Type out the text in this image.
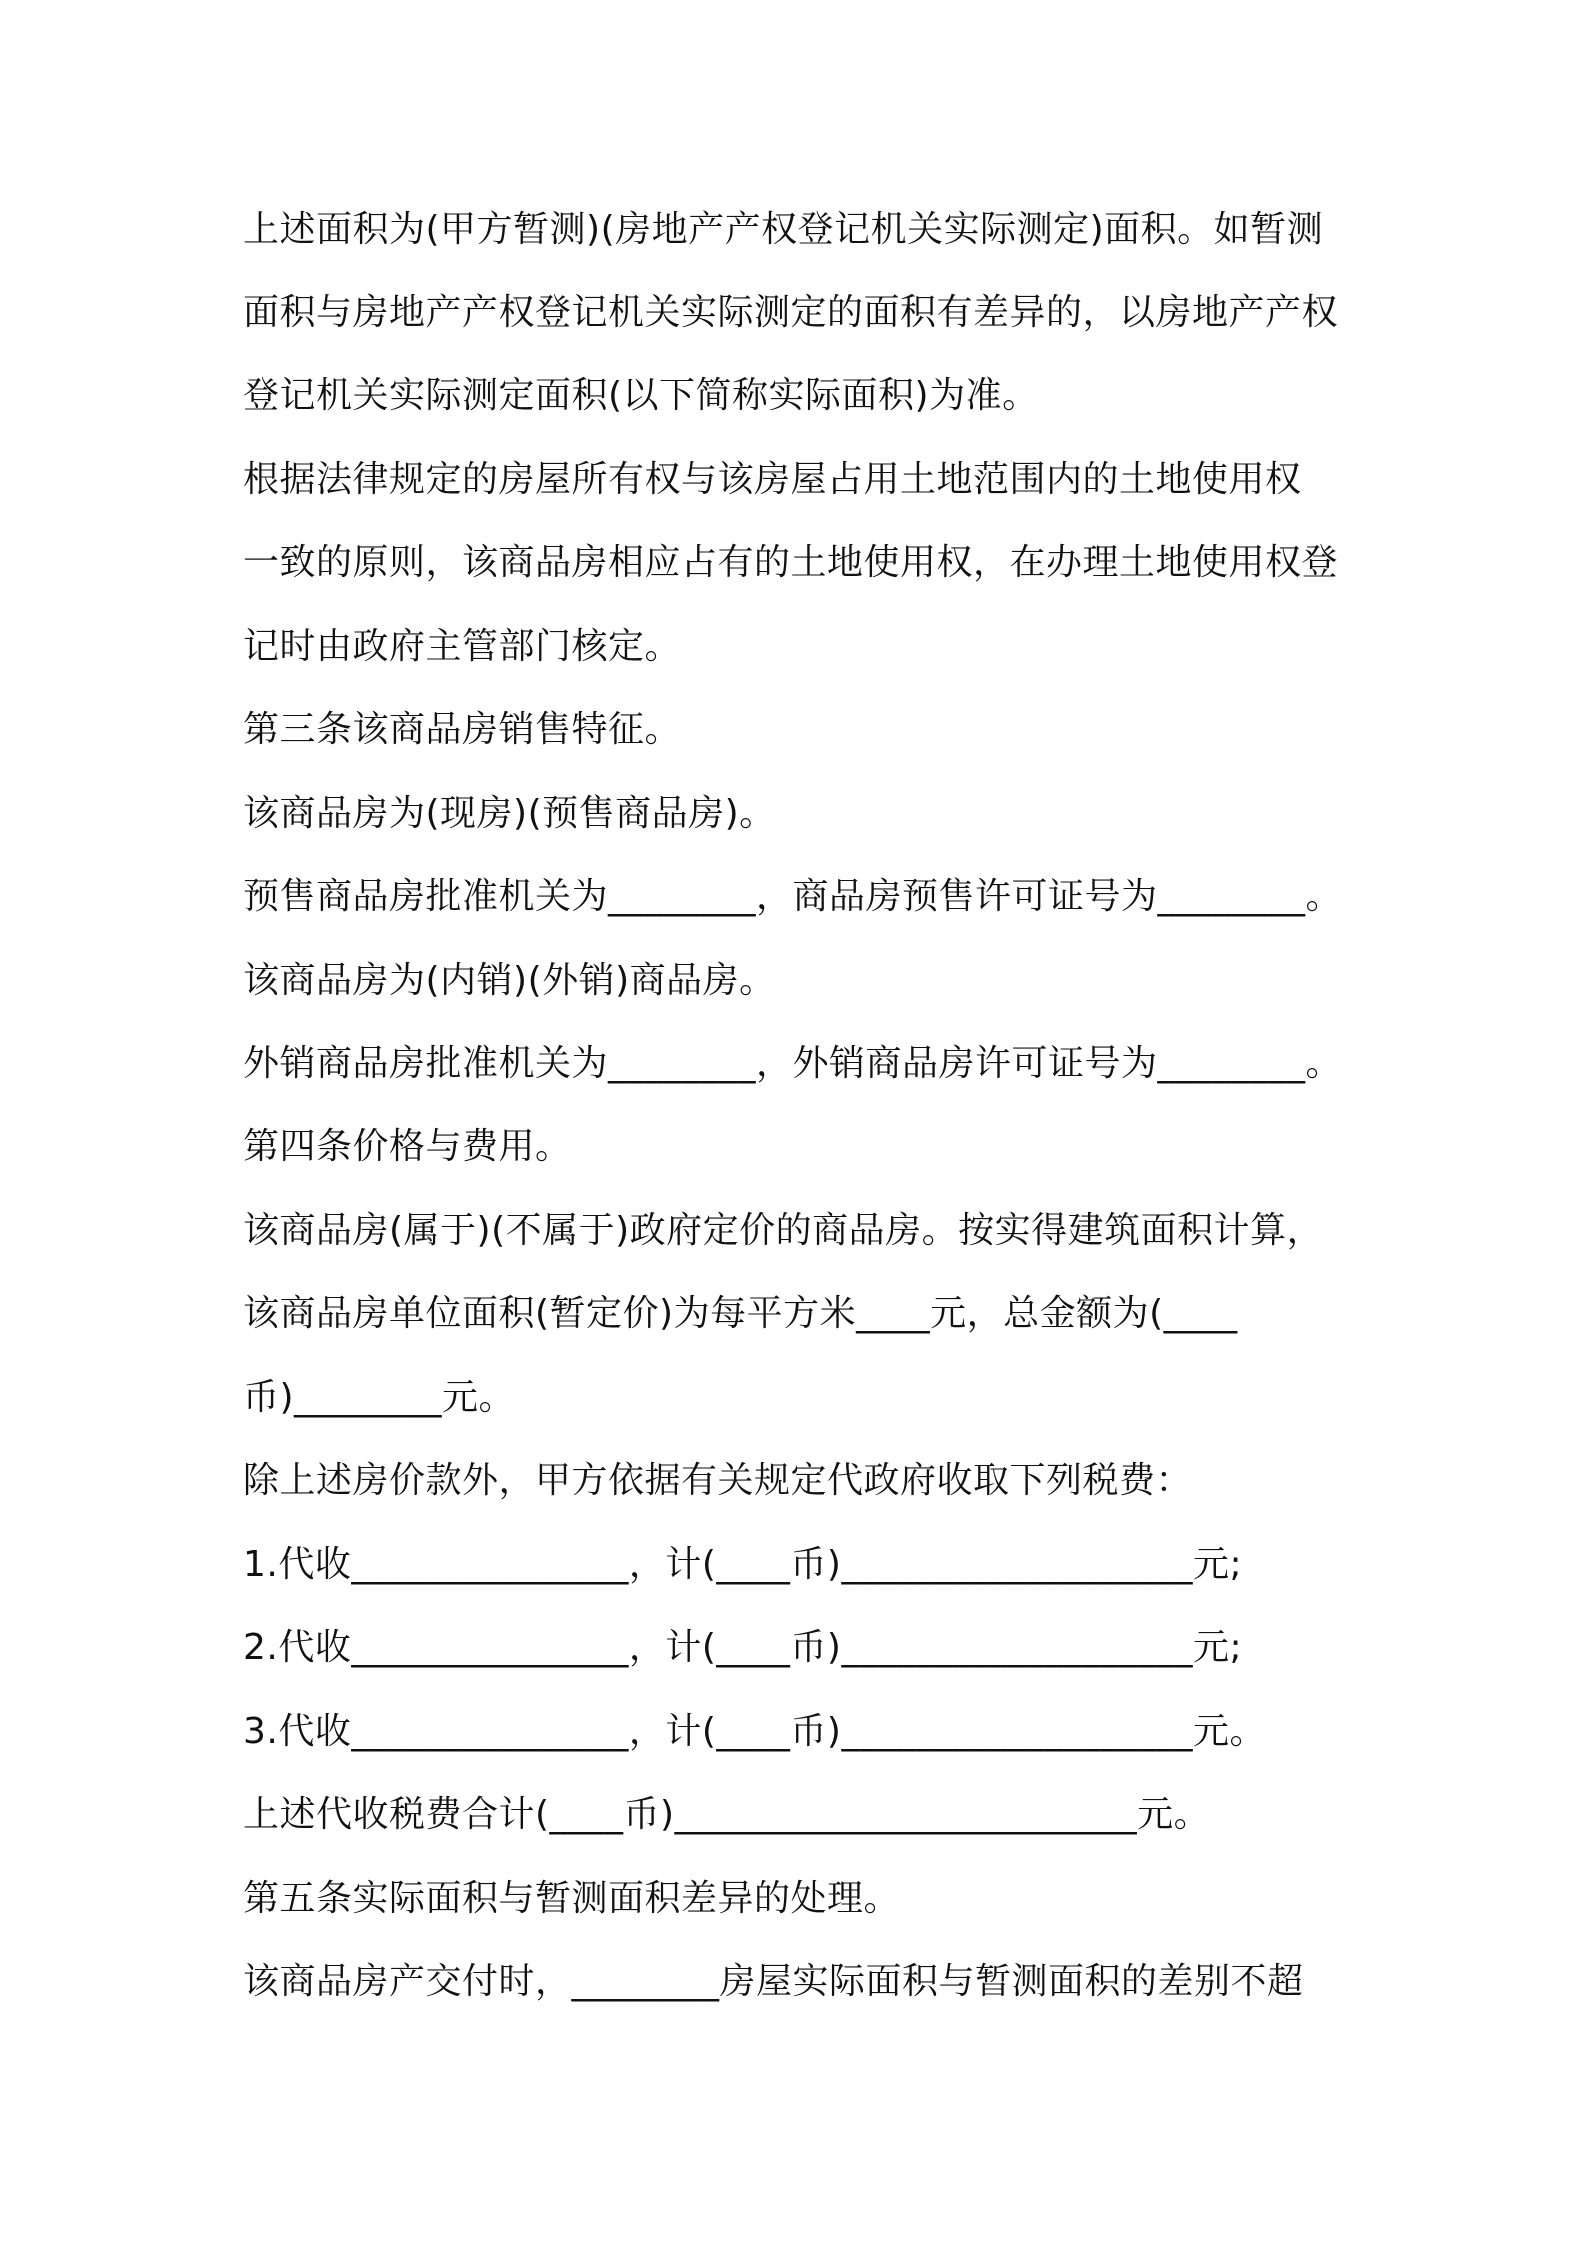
上述面积为(甲方暂测)(房地产产权登记机关实际测定)面积。如暂测
面积与房地产产权登记机关实际测定的面积有差异的，以房地产产权
登记机关实际测定面积(以下简称实际面积)为准。
根据法律规定的房屋所有权与该房屋占用土地范围内的土地使用权
一致的原则，该商品房相应占有的土地使用权，在办理土地使用权登
记时由政府主管部门核定。
第三条该商品房销售特征。
该商品房为(现房)(预售商品房)。
预售商品房批准机关为________，商品房预售许可证号为________。
该商品房为(内销)(外销)商品房。
外销商品房批准机关为________，外销商品房许可证号为________。
第四条价格与费用。
该商品房(属于)(不属于)政府定价的商品房。按实得建筑面积计算，
该商品房单位面积(暂定价)为每平方米____元，总金额为(____
币)________元。
除上述房价款外，甲方依据有关规定代政府收取下列税费：
1.代收_______________，计(____币)___________________元;
2.代收_______________，计(____币)___________________元;
3.代收_______________，计(____币)___________________元。
上述代收税费合计(____币)_________________________元。
第五条实际面积与暂测面积差异的处理。
该商品房产交付时，________房屋实际面积与暂测面积的差别不超
